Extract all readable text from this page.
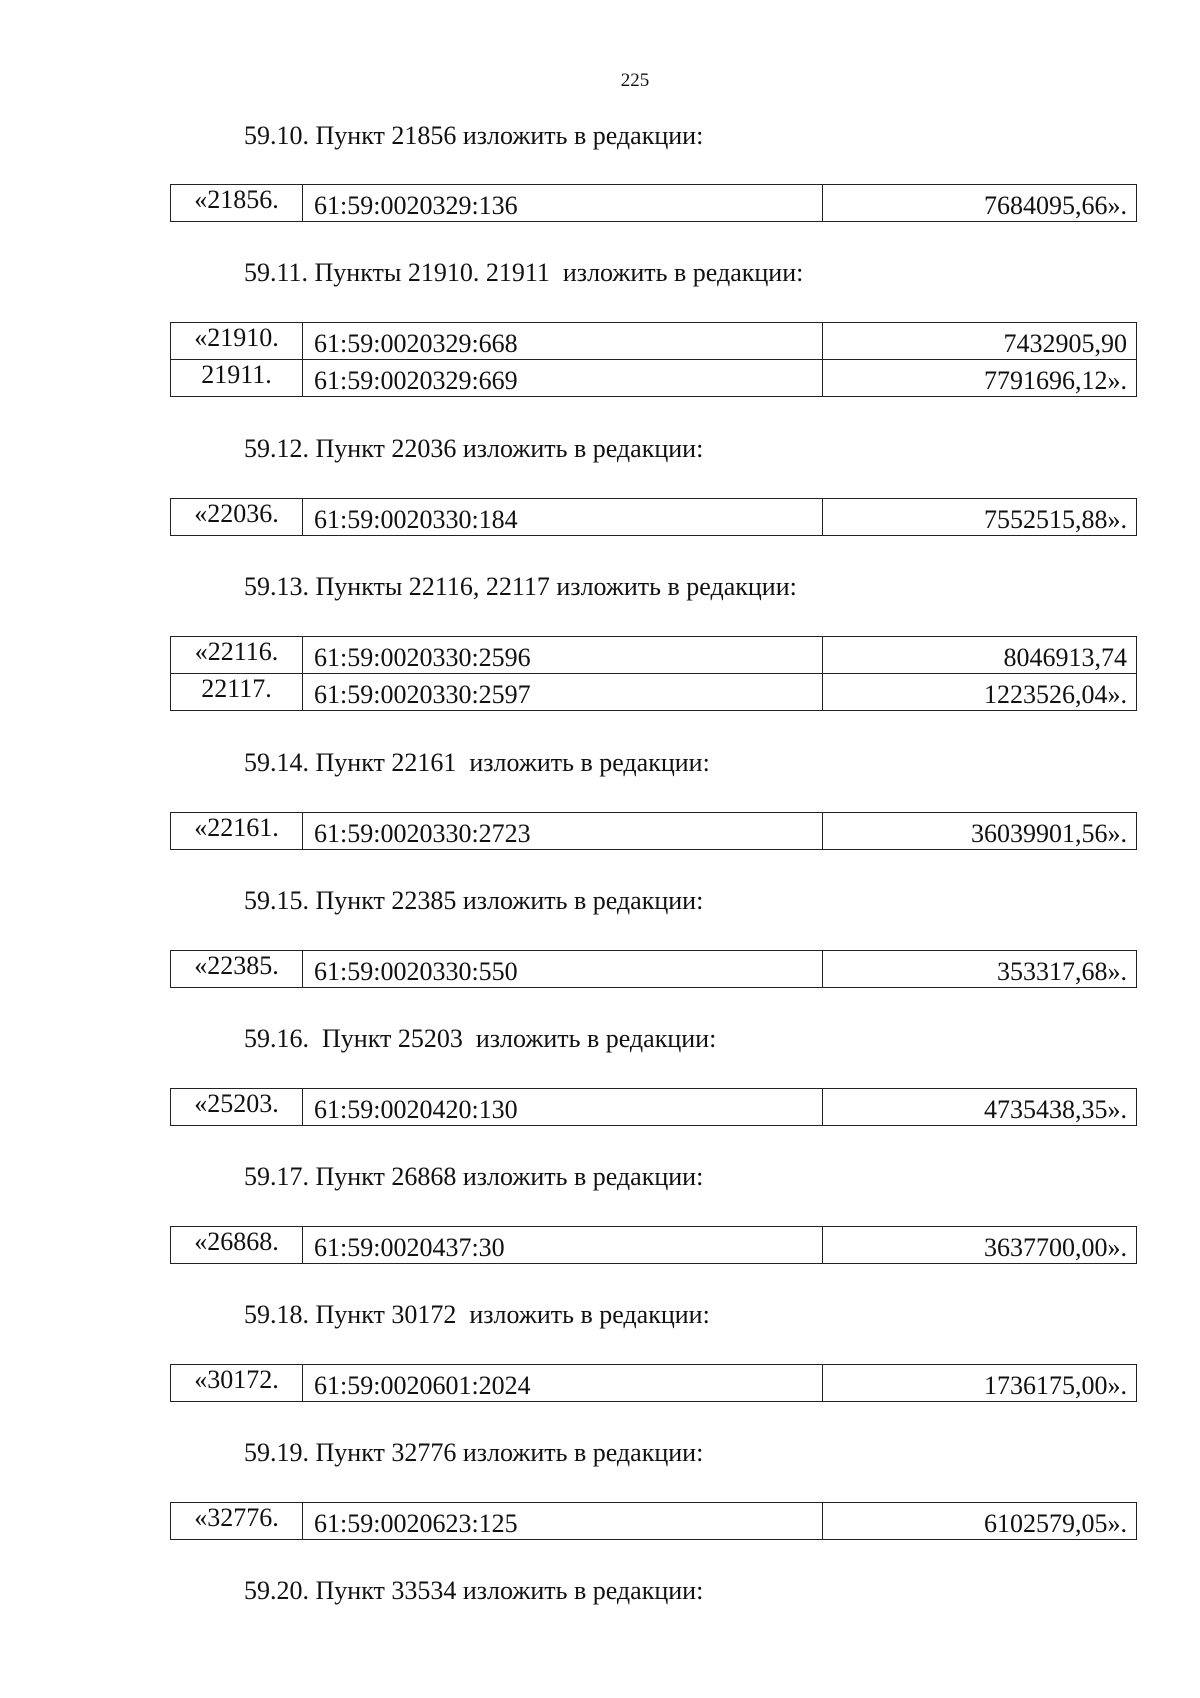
225
59.10. Пункт 21856 изложить в редакции:
«21856.	61:59:0020329:136	7684095,66».
59.11. Пункты 21910. 21911  изложить в редакции:
«21910.	61:59:0020329:668	7432905,90
21911.	61:59:0020329:669	7791696,12».
59.12. Пункт 22036 изложить в редакции:
«22036.	61:59:0020330:184	7552515,88».
59.13. Пункты 22116, 22117 изложить в редакции:
«22116.	61:59:0020330:2596	8046913,74
22117.	61:59:0020330:2597	1223526,04».
59.14. Пункт 22161  изложить в редакции:
«22161.	61:59:0020330:2723	36039901,56».
59.15. Пункт 22385 изложить в редакции:
«22385.	61:59:0020330:550	353317,68».
59.16.  Пункт 25203  изложить в редакции:
«25203.	61:59:0020420:130	4735438,35».
59.17. Пункт 26868 изложить в редакции:
«26868.	61:59:0020437:30	3637700,00».
59.18. Пункт 30172  изложить в редакции:
«30172.	61:59:0020601:2024	1736175,00».
59.19. Пункт 32776 изложить в редакции:
«32776.	61:59:0020623:125	6102579,05».
59.20. Пункт 33534 изложить в редакции:
